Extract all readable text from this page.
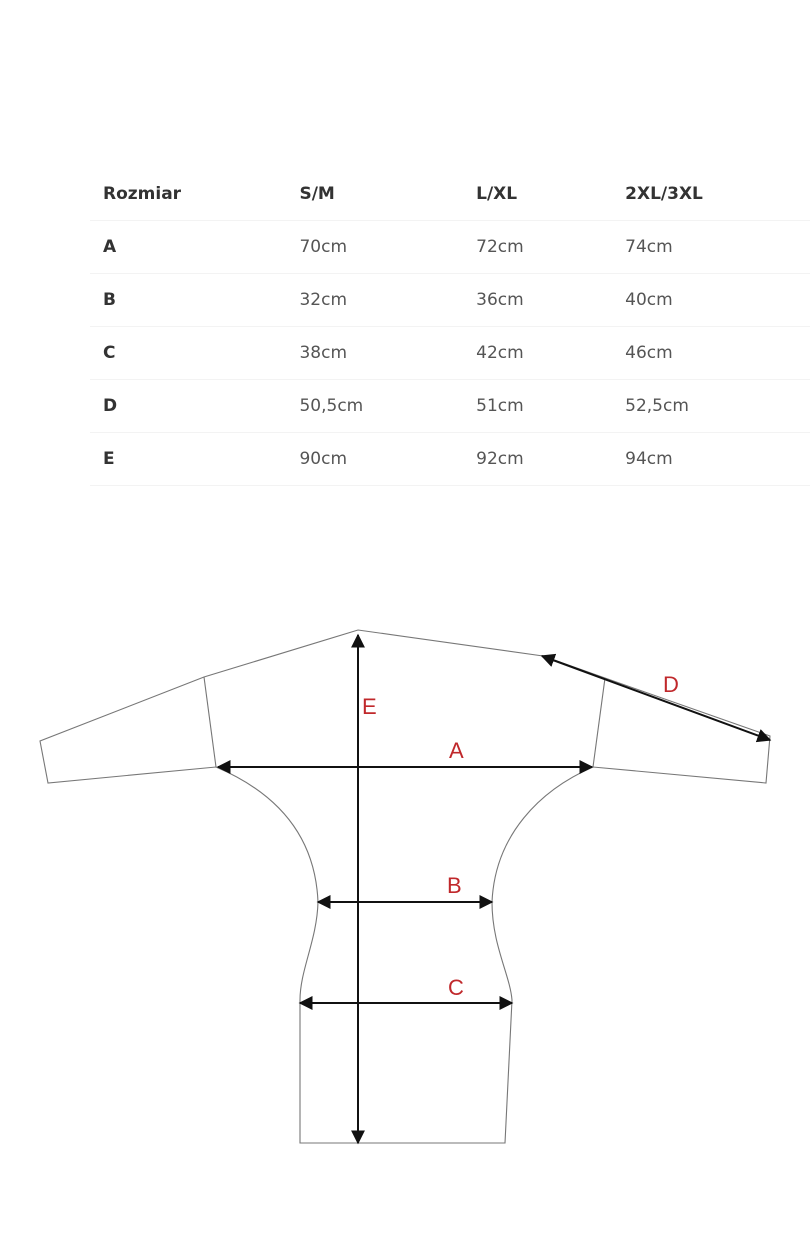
Rozmiar	S/M	L/XL	2XL/3XL
A	70cm	72cm	74cm
B	32cm	36cm	40cm
C	38cm	42cm	46cm
D	50,5cm	51cm	52,5cm
E	90cm	92cm	94cm
E
A
D
B
C
